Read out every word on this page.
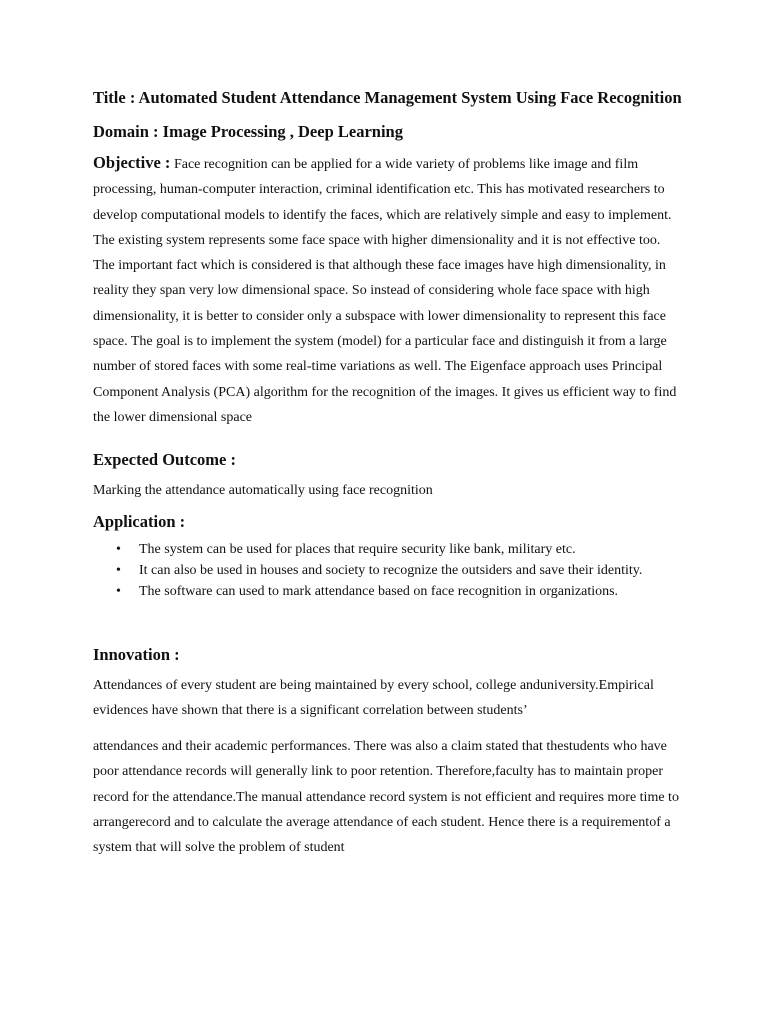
Title : Automated Student Attendance Management System Using Face Recognition

Domain : Image Processing , Deep Learning

Objective : Face recognition can be applied for a wide variety of problems like image and film processing, human-computer interaction, criminal identification etc. This has motivated researchers to develop computational models to identify the faces, which are relatively simple and easy to implement. The existing system represents some face space with higher dimensionality and it is not effective too. The important fact which is considered is that although these face images have high dimensionality, in reality they span very low dimensional space. So instead of considering whole face space with high dimensionality, it is better to consider only a subspace with lower dimensionality to represent this face space. The goal is to implement the system (model) for a particular face and distinguish it from a large number of stored faces with some real-time variations as well. The Eigenface approach uses Principal Component Analysis (PCA) algorithm for the recognition of the images. It gives us efficient way to find the lower dimensional space

Expected Outcome :

Marking the attendance automatically using face recognition

Application :

• The system can be used for places that require security like bank, military etc.
• It can also be used in houses and society to recognize the outsiders and save their identity.
• The software can used to mark attendance based on face recognition in organizations.

Innovation :

Attendances of every student are being maintained by every school, college anduniversity.Empirical evidences have shown that there is a significant correlation between students’

attendances and their academic performances. There was also a claim stated that thestudents who have poor attendance records will generally link to poor retention. Therefore,faculty has to maintain proper record for the attendance.The manual attendance record system is not efficient and requires more time to arrangerecord and to calculate the average attendance of each student. Hence there is a requirementof a system that will solve the problem of student
